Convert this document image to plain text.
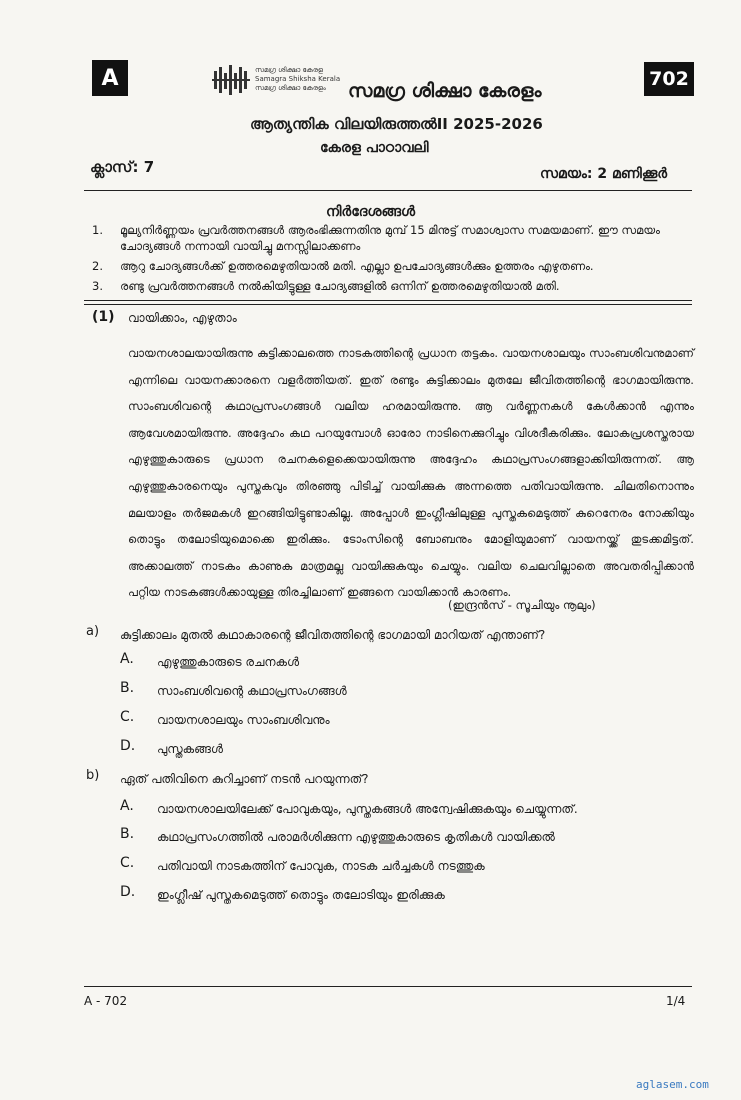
A	702
സമഗ്ര ശിക്ഷാ കേരള
Samagra Shiksha Kerala
സമഗ്ര ശിക്ഷാ കേരളം	സമഗ്ര ശിക്ഷാ കേരളം
ആത്യന്തിക വിലയിരുത്തൽII 2025-2026
കേരള പാഠാവലി
ക്ലാസ്: 7	സമയം: 2 മണിക്കൂർ
നിർദേശങ്ങൾ
1. മൂല്യനിർണ്ണയം പ്രവർത്തനങ്ങൾ ആരംഭിക്കുന്നതിനു മുമ്പ് 15 മിനുട്ട് സമാശ്വാസ സമയമാണ്. ഈ സമയം ചോദ്യങ്ങൾ നന്നായി വായിച്ചു മനസ്സിലാക്കണം
2. ആറു ചോദ്യങ്ങൾക്ക് ഉത്തരമെഴുതിയാൽ മതി. എല്ലാ ഉപചോദ്യങ്ങൾക്കും ഉത്തരം എഴുതണം.
3. രണ്ടു പ്രവർത്തനങ്ങൾ നൽകിയിട്ടുള്ള ചോദ്യങ്ങളിൽ ഒന്നിന് ഉത്തരമെഴുതിയാൽ മതി.
(1) വായിക്കാം, എഴുതാം
വായനശാലയായിരുന്നു കുട്ടിക്കാലത്തെ നാടകത്തിന്റെ പ്രധാന തട്ടകം. വായനശാലയും സാംബശിവനുമാണ് എന്നിലെ വായനക്കാരനെ വളർത്തിയത്. ഇത് രണ്ടും കുട്ടിക്കാലം മുതലേ ജീവിതത്തിന്റെ ഭാഗമായിരുന്നു. സാംബശിവന്റെ കഥാപ്രസംഗങ്ങൾ വലിയ ഹരമായിരുന്നു. ആ വർണ്ണനകൾ കേൾക്കാൻ എന്നും ആവേശമായിരുന്നു. അദ്ദേഹം കഥ പറയുമ്പോൾ ഓരോ നാടിനെക്കുറിച്ചും വിശദീകരിക്കും. ലോകപ്രശസ്തരായ എഴുത്തുകാരുടെ പ്രധാന രചനകളെക്കെയായിരുന്നു അദ്ദേഹം കഥാപ്രസംഗങ്ങളാക്കിയിരുന്നത്. ആ എഴുത്തുകാരനെയും പുസ്തകവും തിരഞ്ഞു പിടിച്ച് വായിക്കുക അന്നത്തെ പതിവായിരുന്നു. ചിലതിനൊന്നും മലയാളം തർജമകൾ ഇറങ്ങിയിട്ടുണ്ടാകില്ല. അപ്പോൾ ഇംഗ്ലീഷിലുള്ള പുസ്തകമെടുത്ത് കുറെനേരം നോക്കിയും തൊട്ടും തലോടിയുമൊക്കെ ഇരിക്കും. ടോംസിന്റെ ബോബനും മോളിയുമാണ് വായനയ്ക്ക് തുടക്കമിട്ടത്. അക്കാലത്ത് നാടകം കാണുക മാത്രമല്ല വായിക്കുകയും ചെയ്യും. വലിയ ചെലവില്ലാതെ അവതരിപ്പിക്കാൻ പറ്റിയ നാടകങ്ങൾക്കായുള്ള തിരച്ചിലാണ് ഇങ്ങനെ വായിക്കാൻ കാരണം.
(ഇന്ദ്രൻസ് - സൂചിയും നൂലും)
a) കുട്ടിക്കാലം മുതൽ കഥാകാരന്റെ ജീവിതത്തിന്റെ ഭാഗമായി മാറിയത് എന്താണ്?
A. എഴുത്തുകാരുടെ രചനകൾ
B. സാംബശിവന്റെ കഥാപ്രസംഗങ്ങൾ
C. വായനശാലയും സാംബശിവനും
D. പുസ്തകങ്ങൾ
b) ഏത് പതിവിനെ കുറിച്ചാണ് നടൻ പറയുന്നത്?
A. വായനശാലയിലേക്ക് പോവുകയും, പുസ്തകങ്ങൾ അന്വേഷിക്കുകയും ചെയ്യുന്നത്.
B. കഥാപ്രസംഗത്തിൽ പരാമർശിക്കുന്ന എഴുത്തുകാരുടെ കൃതികൾ വായിക്കൽ
C. പതിവായി നാടകത്തിന് പോവുക, നാടക ചർച്ചകൾ നടത്തുക
D. ഇംഗ്ലീഷ് പുസ്തകമെടുത്ത് തൊട്ടും തലോടിയും ഇരിക്കുക
A - 702	1/4
aglasem.com
